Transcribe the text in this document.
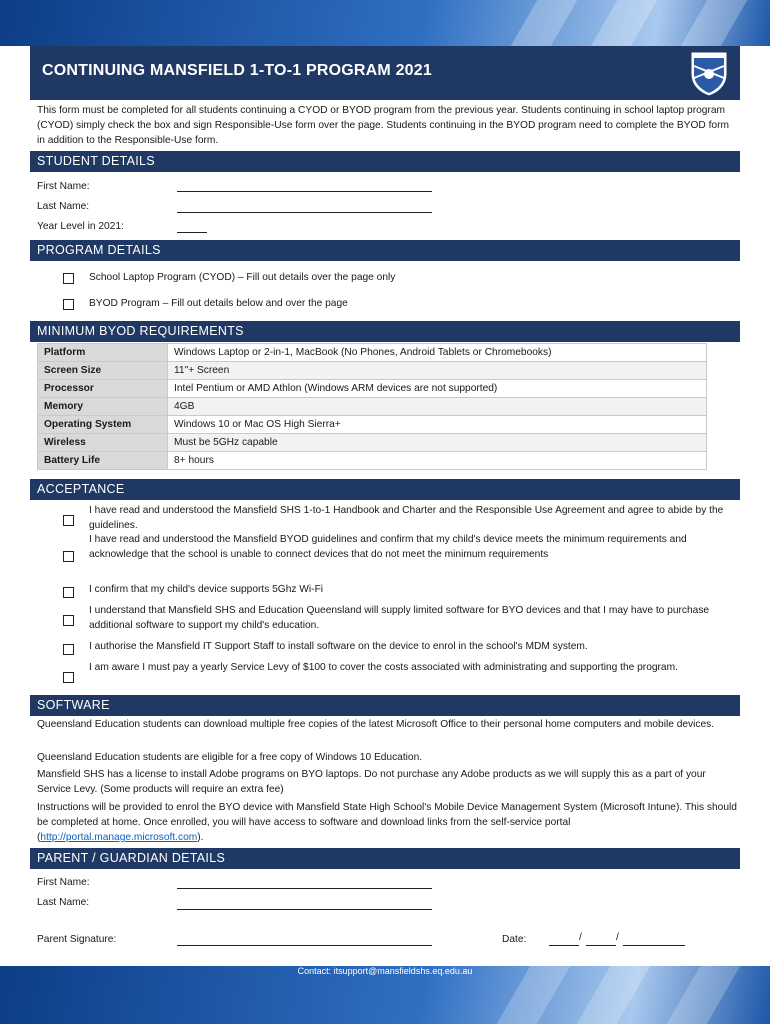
CONTINUING MANSFIELD 1-TO-1 PROGRAM 2021
This form must be completed for all students continuing a CYOD or BYOD program from the previous year. Students continuing in school laptop program (CYOD) simply check the box and sign Responsible-Use form over the page. Students continuing in the BYOD program need to complete the BYOD form in addition to the Responsible-Use form.
STUDENT DETAILS
First Name:
Last Name:
Year Level in 2021:
PROGRAM DETAILS
School Laptop Program (CYOD) – Fill out details over the page only
BYOD Program – Fill out details below and over the page
MINIMUM BYOD REQUIREMENTS
Platform	Windows Laptop or 2-in-1, MacBook (No Phones, Android Tablets or Chromebooks)
Screen Size	11"+ Screen
Processor	Intel Pentium or AMD Athlon (Windows ARM devices are not supported)
Memory	4GB
Operating System	Windows 10 or Mac OS High Sierra+
Wireless	Must be 5GHz capable
Battery Life	8+ hours
ACCEPTANCE
I have read and understood the Mansfield SHS 1-to-1 Handbook and Charter and the Responsible Use Agreement and agree to abide by the guidelines.
I have read and understood the Mansfield BYOD guidelines and confirm that my child's device meets the minimum requirements and acknowledge that the school is unable to connect devices that do not meet the minimum requirements
I confirm that my child's device supports 5Ghz Wi-Fi
I understand that Mansfield SHS and Education Queensland will supply limited software for BYO devices and that I may have to purchase additional software to support my child's education.
I authorise the Mansfield IT Support Staff to install software on the device to enrol in the school's MDM system.
I am aware I must pay a yearly Service Levy of $100 to cover the costs associated with administrating and supporting the program.
SOFTWARE
Queensland Education students can download multiple free copies of the latest Microsoft Office to their personal home computers and mobile devices.
Queensland Education students are eligible for a free copy of Windows 10 Education.
Mansfield SHS has a license to install Adobe programs on BYO laptops. Do not purchase any Adobe products as we will supply this as a part of your Service Levy. (Some products will require an extra fee)
Instructions will be provided to enrol the BYO device with Mansfield State High School's Mobile Device Management System (Microsoft Intune). This should be completed at home. Once enrolled, you will have access to software and download links from the self-service portal (http://portal.manage.microsoft.com).
PARENT / GUARDIAN DETAILS
First Name:
Last Name:
Parent Signature:	Date:	/	/
Contact: itsupport@mansfieldshs.eq.edu.au
